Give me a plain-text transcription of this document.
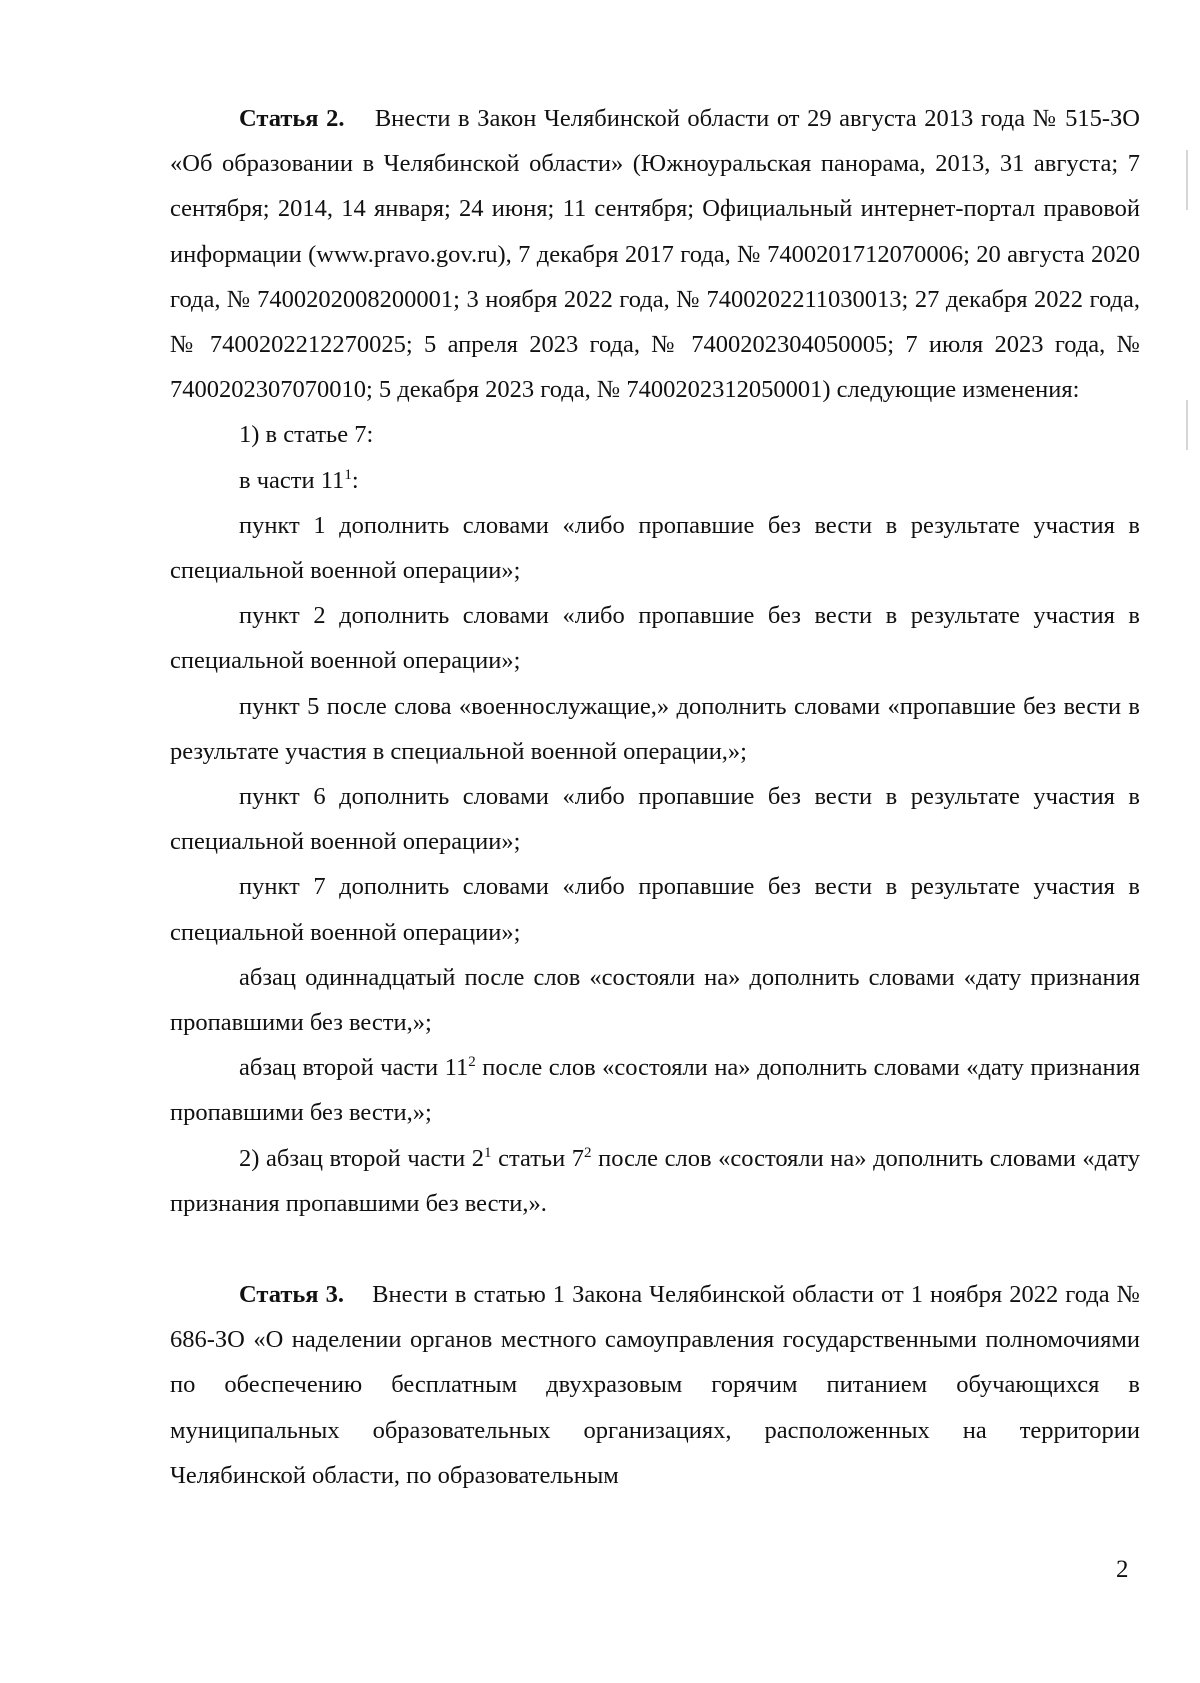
Статья 2. Внести в Закон Челябинской области от 29 августа 2013 года № 515-ЗО «Об образовании в Челябинской области» (Южноуральская панорама, 2013, 31 августа; 7 сентября; 2014, 14 января; 24 июня; 11 сентября; Официальный интернет-портал правовой информации (www.pravo.gov.ru), 7 декабря 2017 года, № 7400201712070006; 20 августа 2020 года, № 7400202008200001; 3 ноября 2022 года, № 7400202211030013; 27 декабря 2022 года, № 7400202212270025; 5 апреля 2023 года, № 7400202304050005; 7 июля 2023 года, № 7400202307070010; 5 декабря 2023 года, № 7400202312050001) следующие изменения:

1) в статье 7:

в части $11^1$:

пункт 1 дополнить словами «либо пропавшие без вести в результате участия в специальной военной операции»;

пункт 2 дополнить словами «либо пропавшие без вести в результате участия в специальной военной операции»;

пункт 5 после слова «военнослужащие,» дополнить словами «пропавшие без вести в результате участия в специальной военной операции,»;

пункт 6 дополнить словами «либо пропавшие без вести в результате участия в специальной военной операции»;

пункт 7 дополнить словами «либо пропавшие без вести в результате участия в специальной военной операции»;

абзац одиннадцатый после слов «состояли на» дополнить словами «дату признания пропавшими без вести,»;

абзац второй части $11^2$ после слов «состояли на» дополнить словами «дату признания пропавшими без вести,»;

2) абзац второй части $2^1$ статьи $7^2$ после слов «состояли на» дополнить словами «дату признания пропавшими без вести,».

Статья 3. Внести в статью 1 Закона Челябинской области от 1 ноября 2022 года № 686-ЗО «О наделении органов местного самоуправления государственными полномочиями по обеспечению бесплатным двухразовым горячим питанием обучающихся в муниципальных образовательных организациях, расположенных на территории Челябинской области, по образовательным

2
